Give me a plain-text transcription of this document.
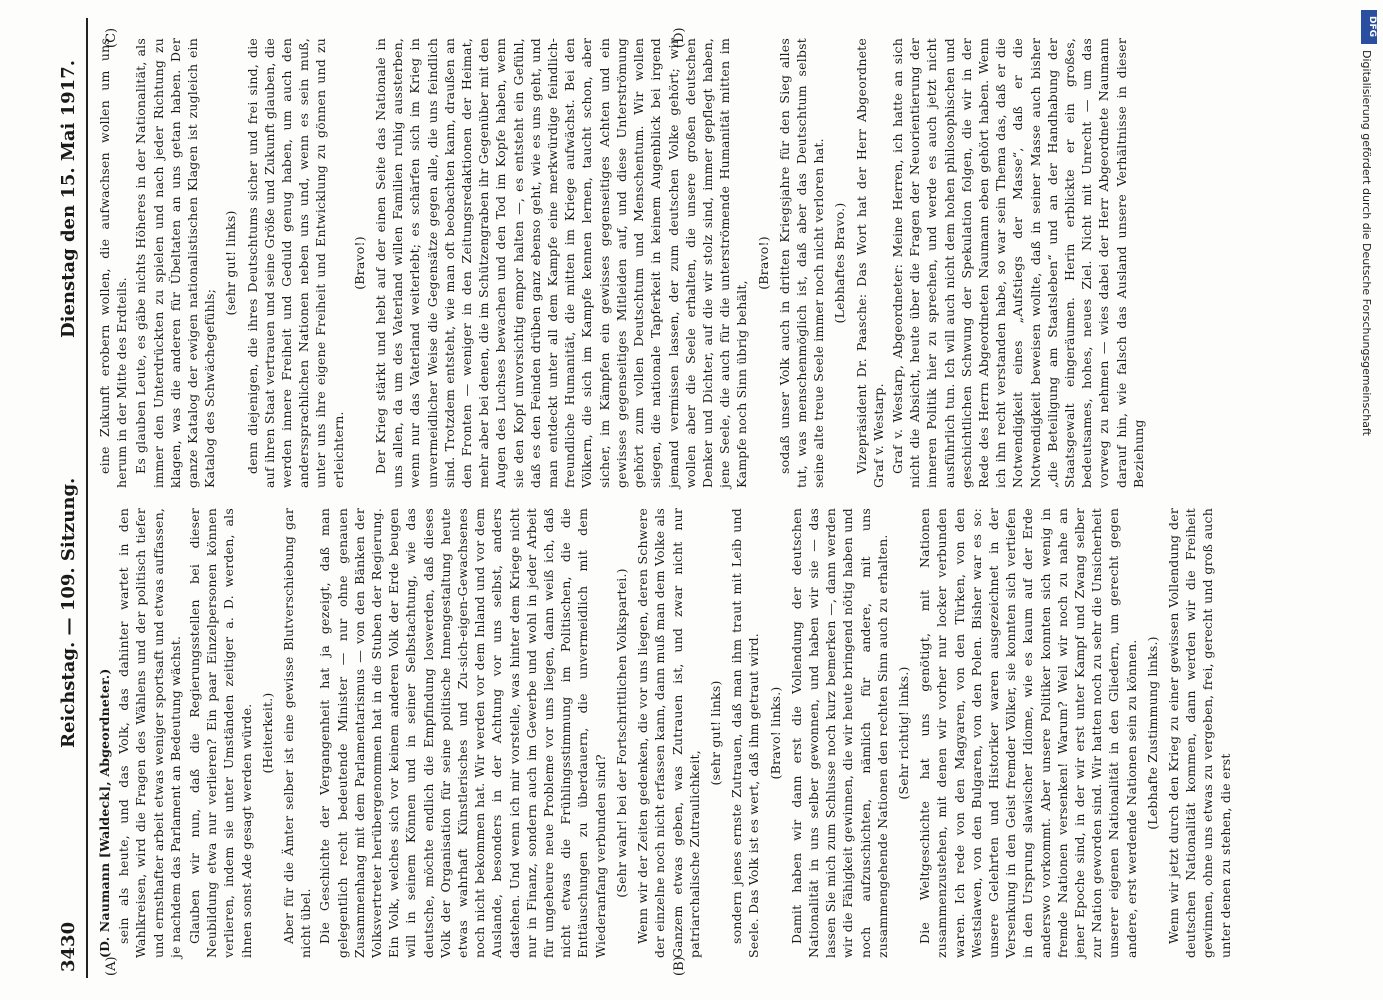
3430
Reichstag. — 109. Sitzung.
Dienstag den 15. Mai 1917.
(A)	(B)
(C)	(D)

(D. Naumann [Waldeck], Abgeordneter.) sein als heute, und das Volk, das dahinter wartet in den Wahlkreisen, wird die Fragen des Wählens und der politisch tiefer und ernsthafter arbeit etwas weniger sportsaft und etwas auffassen, je nachdem das Parlament an Bedeutung wächst. Glauben wir nun, daß die Regierungsstellen bei dieser Neubildung etwa nur verlieren? Ein paar Einzelpersonen können verlieren, indem sie unter Umständen zeitiger a. D. werden, als ihnen sonst Ade gesagt werden würde. (Heiterkeit.) Aber für die Ämter selber ist eine gewisse Blutverschiebung gar nicht übel. Die Geschichte der Vergangenheit hat ja gezeigt, daß man gelegentlich recht bedeutende Minister — nur ohne genauen Zusammenhang mit dem Parlamentarismus — von den Bänken der Volksvertreter herübergenommen hat in die Stuben der Regierung. Ein Volk, welches sich vor keinem anderen Volk der Erde beugen will in seinem Können und in seiner Selbstachtung, wie das deutsche, möchte endlich die Empfindung loswerden, daß dieses Volk der Organisation für seine politische Innengestaltung heute etwas wahrhaft Künstlerisches und Zu-sich-eigen-Gewachsenes noch nicht bekommen hat. Wir werden vor dem Inland und vor dem Auslande, besonders in der Achtung vor uns selbst, anders dastehen. Und wenn ich mir vorstelle, was hinter dem Kriege nicht nur in Finanz, sondern auch im Gewerbe und wohl in jeder Arbeit für ungeheure neue Probleme vor uns liegen, dann weiß ich, daß nicht etwas die Frühlingsstimmung im Politischen, die die Enttäuschungen zu überdauern, die unvermeidlich mit dem Wiederanfang verbunden sind? (Sehr wahr! bei der Fortschrittlichen Volkspartei.) Wenn wir der Zeiten gedenken, die vor uns liegen, deren Schwere der einzelne noch nicht erfassen kann, dann muß man dem Volke als Ganzem etwas geben, was Zutrauen ist, und zwar nicht nur patriarchalische Zutraulichkeit,

(sehr gut! links) sondern jenes ernste Zutrauen, daß man ihm traut mit Leib und Seele. Das Volk ist es wert, daß ihm getraut wird. (Bravo! links.) Damit haben wir dann erst die Vollendung der deutschen Nationalität in uns selber gewonnen, und haben wir sie — das lassen Sie mich zum Schlusse noch kurz bemerken —, dann werden wir die Fähigkeit gewinnen, die wir heute bringend nötig haben und noch aufzuschichten, nämlich für andere, mit uns zusammengehende Nationen den rechten Sinn auch zu erhalten. (Sehr richtig! links.) Die Weltgeschichte hat uns genötigt, mit Nationen zusammenzustehen, mit denen wir vorher nur locker verbunden waren. Ich rede von den Magyaren, von den Türken, von den Westslawen, von den Bulgaren, von den Polen. Bisher war es so: unsere Gelehrten und Historiker waren ausgezeichnet in der Versenkung in den Geist fremder Völker, sie konnten sich vertiefen in den Ursprung slawischer Idiome, wie es kaum auf der Erde anderswo vorkommt. Aber unsere Politiker konnten sich wenig in fremde Nationen versenken! Warum? Weil wir noch zu nahe an jener Epoche sind, in der wir erst unter Kampf und Zwang selber zur Nation geworden sind. Wir hatten noch zu sehr die Unsicherheit unserer eigenen Nationalität in den Gliedern, um gerecht gegen andere, erst werdende Nationen sein zu können. (Lebhafte Zustimmung links.) Wenn wir jetzt durch den Krieg zu einer gewissen Vollendung der deutschen Nationalität kommen, dann werden wir die Freiheit gewinnen, ohne uns etwas zu vergeben, frei, gerecht und groß auch unter denen zu stehen, die erst

eine Zukunft erobern wollen, die aufwachsen wollen um uns herum in der Mitte des Erdteils. Es glauben Leute, es gäbe nichts Höheres in der Nationalität, als immer den Unterdrückten zu spielen und nach jeder Richtung zu klagen, was die anderen für Übeltaten an uns getan haben. Der ganze Katalog der ewigen nationalistischen Klagen ist zugleich ein Katalog des Schwächegefühls;

(sehr gut! links) denn diejenigen, die ihres Deutschtums sicher und frei sind, die auf ihren Staat vertrauen und seine Größe und Zukunft glauben, die werden innere Freiheit und Geduld genug haben, um auch den anderssprachlichen Nationen neben uns und, wenn es sein muß, unter uns ihre eigene Freiheit und Entwicklung zu gönnen und zu erleichtern.

(Bravo!) Der Krieg stärkt und hebt auf der einen Seite das Nationale in uns allen, da um des Vaterland willen Familien ruhig aussterben, wenn nur das Vaterland weiterlebt; es schärfen sich im Krieg in unvermeidlicher Weise die Gegensätze gegen alle, die uns feindlich sind. Trotzdem entsteht, wie man oft beobachten kann, draußen an den Fronten — weniger in den Zeitungsredaktionen der Heimat, mehr aber bei denen, die im Schützengraben ihr Gegenüber mit den Augen des Luchses bewachen und den Tod im Kopfe haben, wenn sie den Kopf unvorsichtig empor halten —, es entsteht ein Gefühl, daß es den Feinden drüben ganz ebenso geht, wie es uns geht, und man entdeckt unter all dem Kampfe eine merkwürdige feindlich-freundliche Humanität, die mitten im Kriege aufwächst. Bei den Völkern, die sich im Kampfe kennen lernen, taucht schon, aber sicher, im Kämpfen ein gewisses gegenseitiges Achten und ein gewisses gegenseitiges Mitleiden auf, und diese Unterströmung gehört zum vollen Deutschtum und Menschentum. Wir wollen siegen, die nationale Tapferkeit in keinem Augenblick bei irgend jemand vermissen lassen, der zum deutschen Volke gehört; wir wollen aber die Seele erhalten, die unsere großen deutschen Denker und Dichter, auf die wir stolz sind, immer gepflegt haben, jene Seele, die auch für die unterströmende Humanität mitten im Kampfe noch Sinn übrig behält,

(Bravo!) sodaß unser Volk auch in dritten Kriegsjahre für den Sieg alles tut, was menschenmöglich ist, daß aber das Deutschtum selbst seine alte treue Seele immer noch nicht verloren hat. (Lebhaftes Bravo.) Vizepräsident Dr. Paasche: Das Wort hat der Herr Abgeordnete Graf v. Westarp. Graf v. Westarp, Abgeordneter: Meine Herren, ich hatte an sich nicht die Absicht, heute über die Fragen der Neuorientierung der inneren Politik hier zu sprechen, und werde es auch jetzt nicht ausführlich tun. Ich will auch nicht dem hohen philosophischen und geschichtlichen Schwung der Spekulation folgen, die wir in der Rede des Herrn Abgeordneten Naumann eben gehört haben. Wenn ich ihn recht verstanden habe, so war sein Thema das, daß er die Notwendigkeit eines „Aufstiegs der Masse“, daß er die Notwendigkeit beweisen wollte, daß in seiner Masse auch bisher „die Beteiligung am Staatsleben“ und an der Handhabung der Staatsgewalt eingeräumen. Herin erblickte er ein großes, bedeutsames, hohes, neues Ziel. Nicht mit Unrecht — um das vorweg zu nehmen — wies dabei der Herr Abgeordnete Naumann darauf hin, wie falsch das Ausland unsere Verhältnisse in dieser Beziehung

DFG
Digitalisierung gefördert durch die Deutsche Forschungsgemeinschaft
